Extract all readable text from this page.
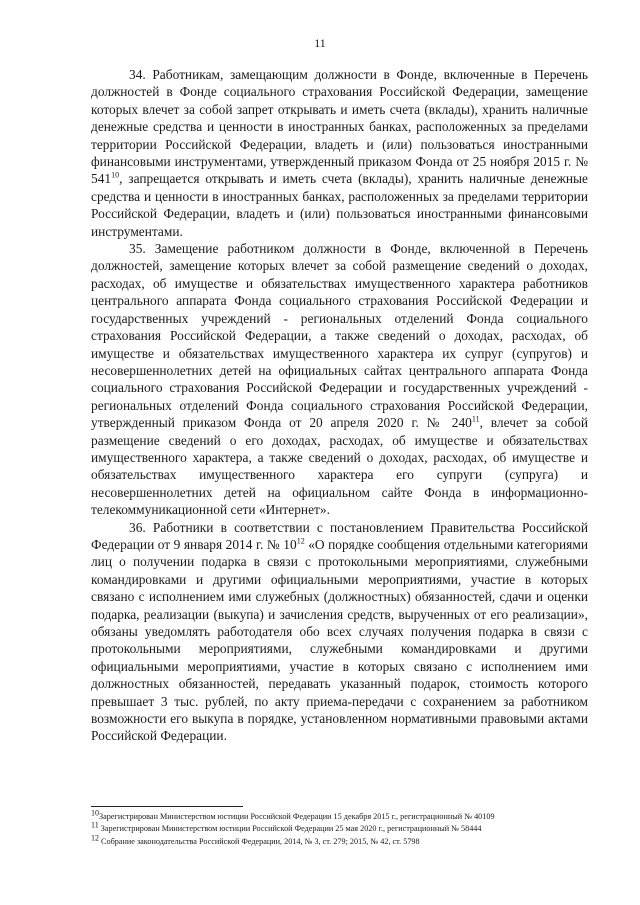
11

34. Работникам, замещающим должности в Фонде, включенные в Перечень должностей в Фонде социального страхования Российской Федерации, замещение которых влечет за собой запрет открывать и иметь счета (вклады), хранить наличные денежные средства и ценности в иностранных банках, расположенных за пределами территории Российской Федерации, владеть и (или) пользоваться иностранными финансовыми инструментами, утвержденный приказом Фонда от 25 ноября 2015 г. № $541^{10}$, запрещается открывать и иметь счета (вклады), хранить наличные денежные средства и ценности в иностранных банках, расположенных за пределами территории Российской Федерации, владеть и (или) пользоваться иностранными финансовыми инструментами.

35. Замещение работником должности в Фонде, включенной в Перечень должностей, замещение которых влечет за собой размещение сведений о доходах, расходах, об имуществе и обязательствах имущественного характера работников центрального аппарата Фонда социального страхования Российской Федерации и государственных учреждений - региональных отделений Фонда социального страхования Российской Федерации, а также сведений о доходах, расходах, об имуществе и обязательствах имущественного характера их супруг (супругов) и несовершеннолетних детей на официальных сайтах центрального аппарата Фонда социального страхования Российской Федерации и государственных учреждений - региональных отделений Фонда социального страхования Российской Федерации, утвержденный приказом Фонда от 20 апреля 2020 г. № $240^{11}$, влечет за собой размещение сведений о его доходах, расходах, об имуществе и обязательствах имущественного характера, а также сведений о доходах, расходах, об имуществе и обязательствах имущественного характера его супруги (супруга) и несовершеннолетних детей на официальном сайте Фонда в информационно-телекоммуникационной сети «Интернет».

36. Работники в соответствии с постановлением Правительства Российской Федерации от 9 января 2014 г. № $10^{12}$ «О порядке сообщения отдельными категориями лиц о получении подарка в связи с протокольными мероприятиями, служебными командировками и другими официальными мероприятиями, участие в которых связано с исполнением ими служебных (должностных) обязанностей, сдачи и оценки подарка, реализации (выкупа) и зачисления средств, вырученных от его реализации», обязаны уведомлять работодателя обо всех случаях получения подарка в связи с протокольными мероприятиями, служебными командировками и другими официальными мероприятиями, участие в которых связано с исполнением ими должностных обязанностей, передавать указанный подарок, стоимость которого превышает 3 тыс. рублей, по акту приема-передачи с сохранением за работником возможности его выкупа в порядке, установленном нормативными правовыми актами Российской Федерации.

$^{10}$Зарегистрирован Министерством юстиции Российской Федерации 15 декабря 2015 г., регистрационный № 40109
$^{11}$ Зарегистрирован Министерством юстиции Российской Федерации 25 мая 2020 г., регистрационный № 58444
$^{12}$ Собрание законодательства Российской Федерации, 2014, № 3, ст. 279; 2015, № 42, ст. 5798
